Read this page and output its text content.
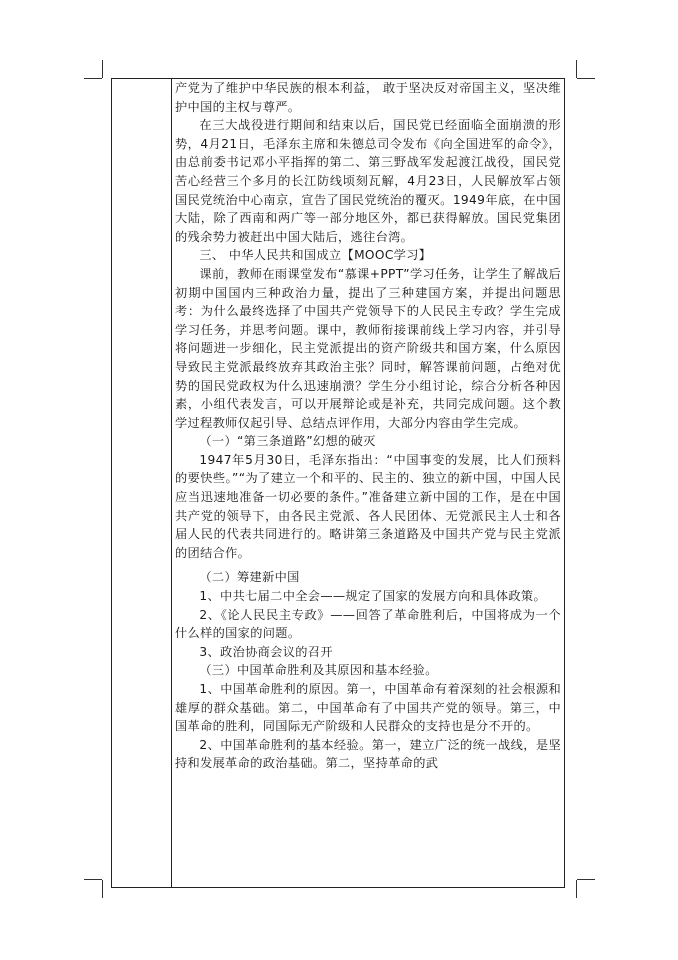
产党为了维护中华民族的根本利益， 敢于坚决反对帝国主义，坚决维护中国的主权与尊严。

在三大战役进行期间和结束以后，国民党已经面临全面崩溃的形势，4月21日，毛泽东主席和朱德总司令发布《向全国进军的命令》，由总前委书记邓小平指挥的第二、第三野战军发起渡江战役，国民党苦心经营三个多月的长江防线顷刻瓦解，4月23日，人民解放军占领国民党统治中心南京，宣告了国民党统治的覆灭。1949年底，在中国大陆，除了西南和两广等一部分地区外，都已获得解放。国民党集团的残余势力被赶出中国大陆后，逃往台湾。

三、 中华人民共和国成立【MOOC学习】

课前，教师在雨课堂发布“慕课+PPT”学习任务，让学生了解战后初期中国国内三种政治力量，提出了三种建国方案，并提出问题思考：为什么最终选择了中国共产党领导下的人民民主专政？学生完成学习任务，并思考问题。课中，教师衔接课前线上学习内容，并引导将问题进一步细化，民主党派提出的资产阶级共和国方案，什么原因导致民主党派最终放弃其政治主张？同时，解答课前问题，占绝对优势的国民党政权为什么迅速崩溃？学生分小组讨论，综合分析各种因素，小组代表发言，可以开展辩论或是补充，共同完成问题。这个教学过程教师仅起引导、总结点评作用，大部分内容由学生完成。

（一）“第三条道路”幻想的破灭

1947年5月30日，毛泽东指出：“中国事变的发展，比人们预料的要快些。”“为了建立一个和平的、民主的、独立的新中国，中国人民应当迅速地准备一切必要的条件。”准备建立新中国的工作，是在中国共产党的领导下，由各民主党派、各人民团体、无党派民主人士和各届人民的代表共同进行的。略讲第三条道路及中国共产党与民主党派的团结合作。

（二）筹建新中国

1、中共七届二中全会——规定了国家的发展方向和具体政策。

2、《论人民民主专政》——回答了革命胜利后，中国将成为一个什么样的国家的问题。

3、政治协商会议的召开

（三）中国革命胜利及其原因和基本经验。

1、中国革命胜利的原因。第一，中国革命有着深刻的社会根源和雄厚的群众基础。第二，中国革命有了中国共产党的领导。第三，中国革命的胜利，同国际无产阶级和人民群众的支持也是分不开的。

2、中国革命胜利的基本经验。第一，建立广泛的统一战线，是坚持和发展革命的政治基础。第二，坚持革命的武
